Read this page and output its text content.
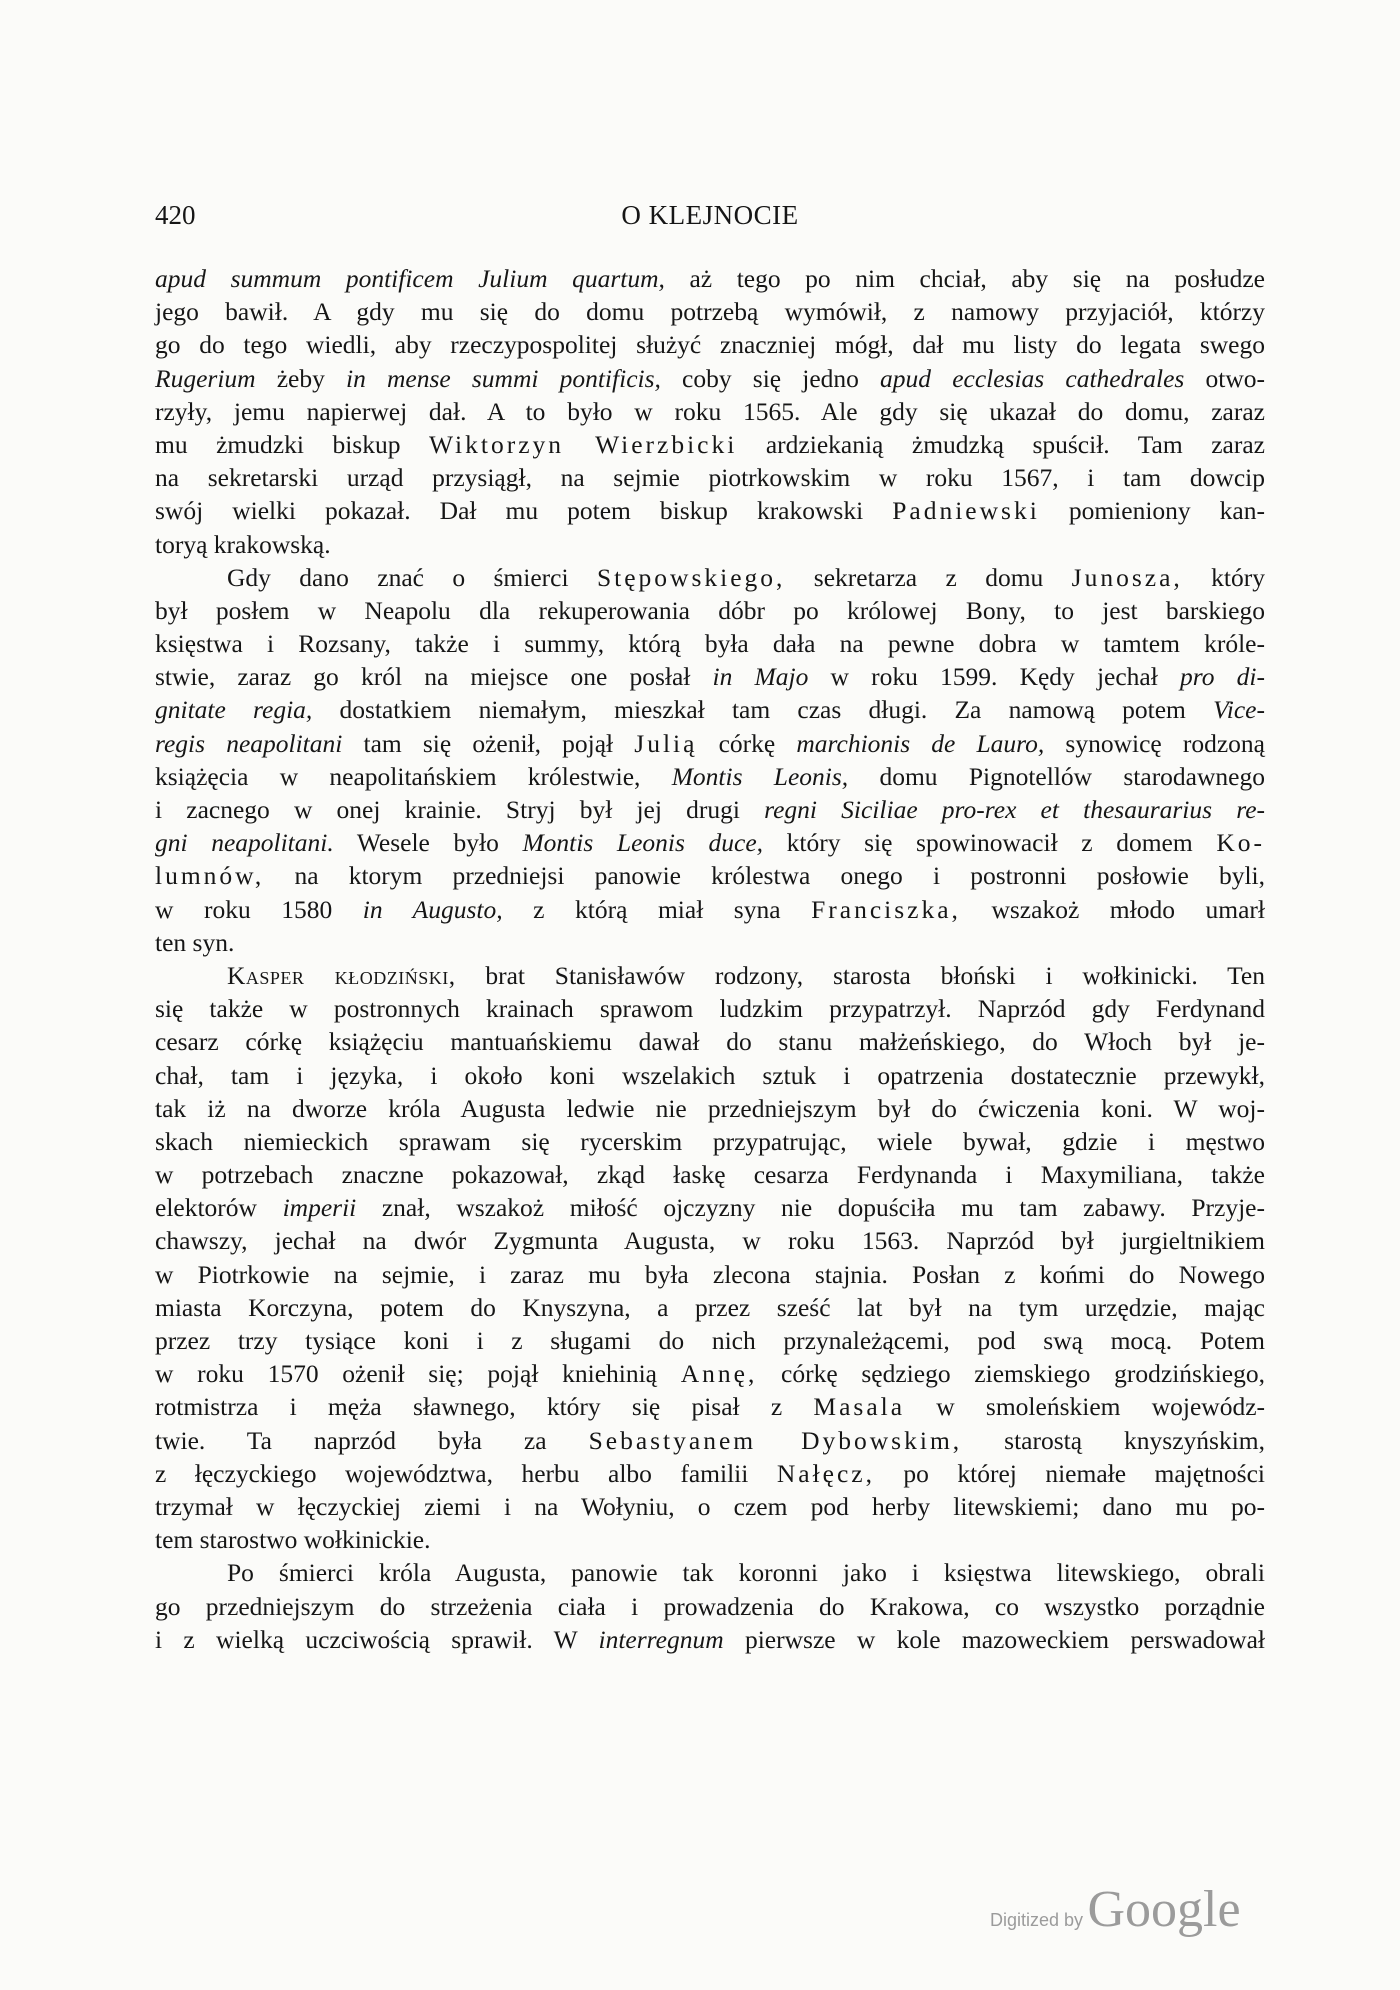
420	O KLEJNOCIE
apud summum pontificem Julium quartum, aż tego po nim chciał, aby się na posłudze
jego bawił. A gdy mu się do domu potrzebą wymówił, z namowy przyjaciół, którzy
go do tego wiedli, aby rzeczypospolitej służyć znaczniej mógł, dał mu listy do legata swego
Rugerium żeby in mense summi pontificis, coby się jedno apud ecclesias cathedrales otwo-
rzyły, jemu napierwej dał. A to było w roku 1565. Ale gdy się ukazał do domu, zaraz
mu żmudzki biskup Wiktorzyn Wierzbicki ardziekanią żmudzką spuścił. Tam zaraz
na sekretarski urząd przysiągł, na sejmie piotrkowskim w roku 1567, i tam dowcip
swój wielki pokazał. Dał mu potem biskup krakowski Padniewski pomieniony kan-
toryą krakowską.
Gdy dano znać o śmierci Stępowskiego, sekretarza z domu Junosza, który
był posłem w Neapolu dla rekuperowania dóbr po królowej Bony, to jest barskiego
księstwa i Rozsany, także i summy, którą była dała na pewne dobra w tamtem króle-
stwie, zaraz go król na miejsce one posłał in Majo w roku 1599. Kędy jechał pro di-
gnitate regia, dostatkiem niemałym, mieszkał tam czas długi. Za namową potem Vice-
regis neapolitani tam się ożenił, pojął Julią córkę marchionis de Lauro, synowicę rodzoną
książęcia w neapolitańskiem królestwie, Montis Leonis, domu Pignotellów starodawnego
i zacnego w onej krainie. Stryj był jej drugi regni Siciliae pro-rex et thesaurarius re-
gni neapolitani. Wesele było Montis Leonis duce, który się spowinowacił z domem Ko-
lumnów, na ktorym przedniejsi panowie królestwa onego i postronni posłowie byli,
w roku 1580 in Augusto, z którą miał syna Franciszka, wszakoż młodo umarł
ten syn.
Kasper kłodziński, brat Stanisławów rodzony, starosta błoński i wołkinicki. Ten
się także w postronnych krainach sprawom ludzkim przypatrzył. Naprzód gdy Ferdynand
cesarz córkę książęciu mantuańskiemu dawał do stanu małżeńskiego, do Włoch był je-
chał, tam i języka, i około koni wszelakich sztuk i opatrzenia dostatecznie przewykł,
tak iż na dworze króla Augusta ledwie nie przedniejszym był do ćwiczenia koni. W woj-
skach niemieckich sprawam się rycerskim przypatrując, wiele bywał, gdzie i męstwo
w potrzebach znaczne pokazował, zkąd łaskę cesarza Ferdynanda i Maxymiliana, także
elektorów imperii znał, wszakoż miłość ojczyzny nie dopuściła mu tam zabawy. Przyje-
chawszy, jechał na dwór Zygmunta Augusta, w roku 1563. Naprzód był jurgieltnikiem
w Piotrkowie na sejmie, i zaraz mu była zlecona stajnia. Posłan z końmi do Nowego
miasta Korczyna, potem do Knyszyna, a przez sześć lat był na tym urzędzie, mając
przez trzy tysiące koni i z sługami do nich przynależącemi, pod swą mocą. Potem
w roku 1570 ożenił się; pojął kniehinią Annę, córkę sędziego ziemskiego grodzińskiego,
rotmistrza i męża sławnego, który się pisał z Masala w smoleńskiem wojewódz-
twie. Ta naprzód była za Sebastyanem Dybowskim, starostą knyszyńskim,
z łęczyckiego województwa, herbu albo familii Nałęcz, po której niemałe majętności
trzymał w łęczyckiej ziemi i na Wołyniu, o czem pod herby litewskiemi; dano mu po-
tem starostwo wołkinickie.
Po śmierci króla Augusta, panowie tak koronni jako i księstwa litewskiego, obrali
go przedniejszym do strzeżenia ciała i prowadzenia do Krakowa, co wszystko porządnie
i z wielką uczciwością sprawił. W interregnum pierwsze w kole mazoweckiem perswadował
Digitized by Google
